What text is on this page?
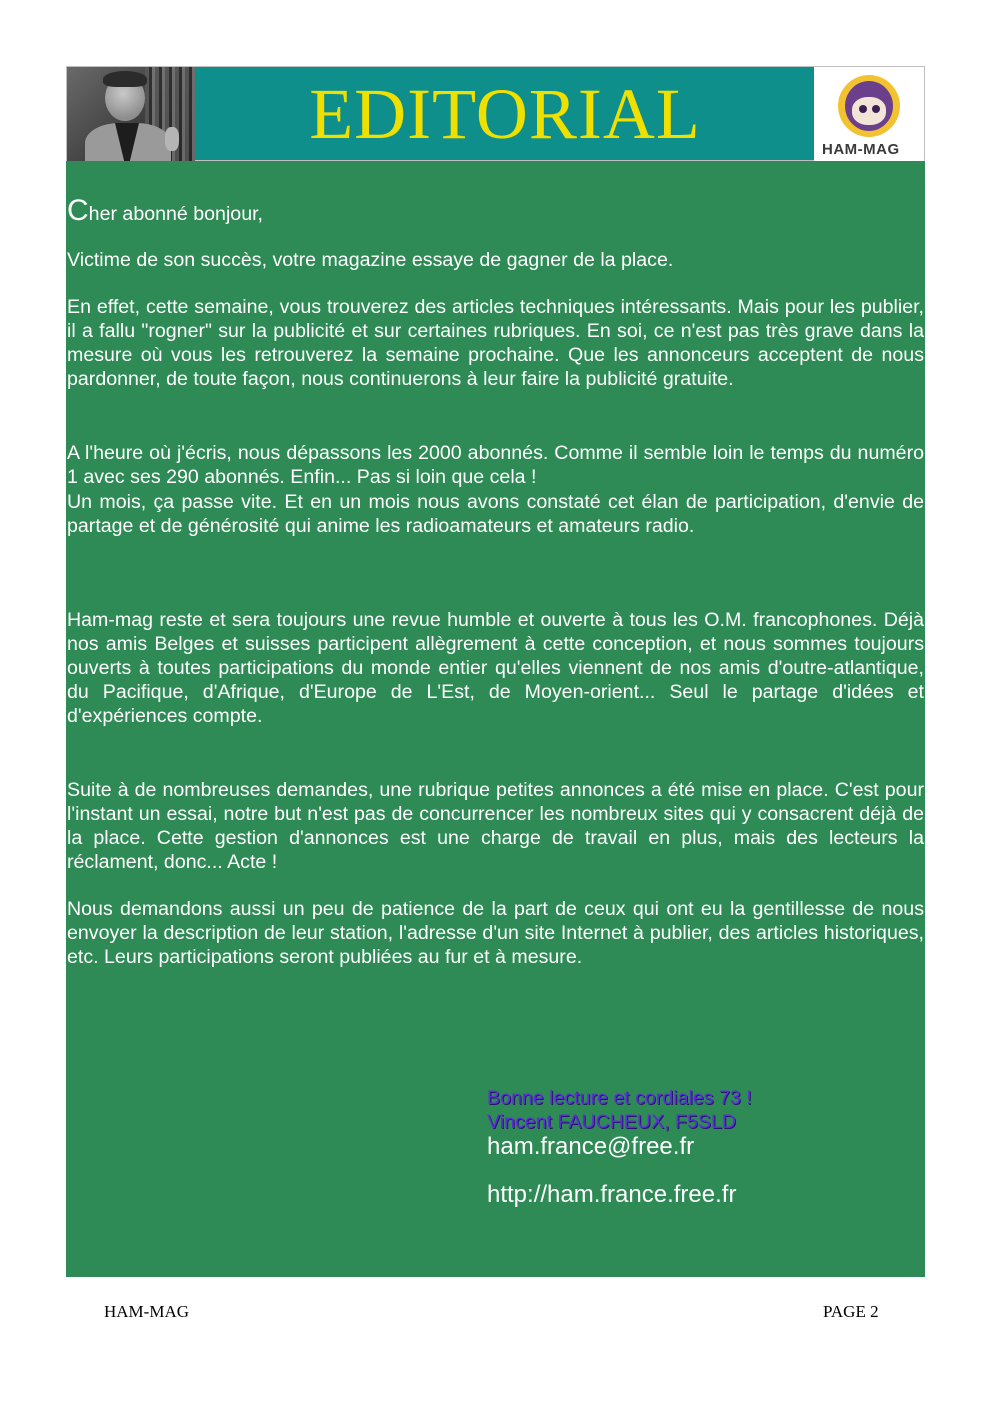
EDITORIAL	HAM-MAG

Cher abonné bonjour,

Victime de son succès, votre magazine essaye de gagner de la place.

En effet, cette semaine, vous trouverez des articles techniques intéressants. Mais pour les publier, il a fallu "rogner" sur la publicité et sur certaines rubriques. En soi, ce n'est pas très grave dans la mesure où vous les retrouverez la semaine prochaine. Que les annonceurs acceptent de nous pardonner, de toute façon, nous continuerons à leur faire la publicité gratuite.

A l'heure où j'écris, nous dépassons les 2000 abonnés. Comme il semble loin le temps du numéro 1 avec ses 290 abonnés. Enfin... Pas si loin que cela !

Un mois, ça passe vite. Et en un mois nous avons constaté cet élan de participation, d'envie de partage et de générosité qui anime les radioamateurs et amateurs radio.

Ham-mag reste et sera toujours une revue humble et ouverte à tous les O.M. francophones. Déjà nos amis Belges et suisses participent allègrement à cette conception, et nous sommes toujours ouverts à toutes participations du monde entier qu'elles viennent de nos amis d'outre-atlantique, du Pacifique, d'Afrique, d'Europe de L'Est, de Moyen-orient... Seul le partage d'idées et d'expériences compte.

Suite à de nombreuses demandes, une rubrique petites annonces a été mise en place. C'est pour l'instant un essai, notre but n'est pas de concurrencer les nombreux sites qui y consacrent déjà de la place. Cette gestion d'annonces est une charge de travail en plus, mais des lecteurs la réclament, donc... Acte !

Nous demandons aussi un peu de patience de la part de ceux qui ont eu la gentillesse de nous envoyer la description de leur station, l'adresse d'un site Internet à publier, des articles historiques, etc. Leurs participations seront publiées au fur et à mesure.

Bonne lecture et cordiales 73 !
Vincent FAUCHEUX, F5SLD
ham.france@free.fr
http://ham.france.free.fr
HAM-MAG	PAGE 2
